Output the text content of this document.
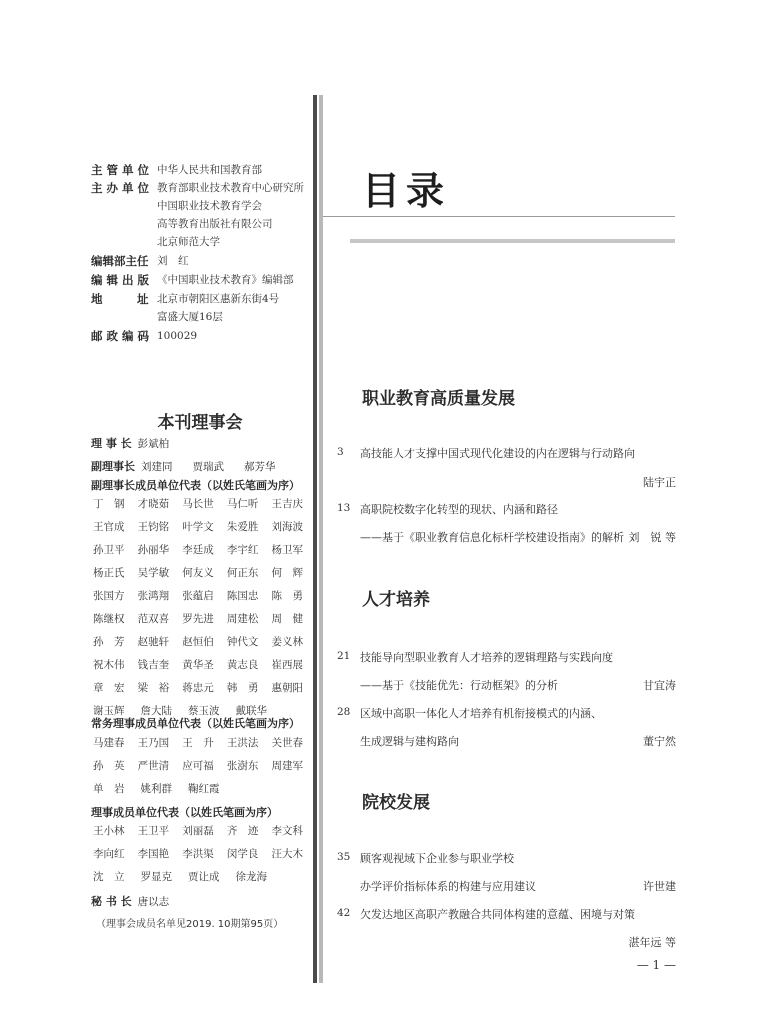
主 管 单 位 中华人民共和国教育部
主 办 单 位 教育部职业技术教育中心研究所
中国职业技术教育学会
高等教育出版社有限公司
北京师范大学
编辑部主任 刘　红
编 辑 出 版 《中国职业技术教育》编辑部
地　　　址 北京市朝阳区惠新东街4号
富盛大厦16层
邮 政 编 码 100029
本刊理事会
理 事 长 彭斌柏
副理事长 刘建同 贾瑞武 郝芳华
副理事长成员单位代表（以姓氏笔画为序）
丁　钢 才晓茹 马长世 马仁听 王吉庆
王官成 王钧铭 叶学文 朱爱胜 刘海波
孙卫平 孙丽华 李廷成 李宇红 杨卫军
杨正氏 吴学敏 何友义 何正东 何　辉
张国方 张鸿翔 张蕴启 陈国忠 陈　勇
陈继权 范双喜 罗先进 周建松 周　健
孙　芳 赵驰轩 赵恒伯 钟代文 姜义林
祝木伟 钱吉奎 黄华圣 黄志良 崔西展
章　宏 梁　裕 蒋忠元 韩　勇 惠朝阳
谢玉辉 詹大陆 蔡玉波 戴联华
常务理事成员单位代表（以姓氏笔画为序）
马建春 王乃国 王　升 王洪法 关世春
孙　英 严世清 应可福 张澍东 周建军
单　岩 姚利群 鞠红霞
理事成员单位代表（以姓氏笔画为序）
王小林 王卫平 刘丽磊 齐　迹 李文科
李向红 李国艳 李洪渠 闵学良 汪大木
沈　立 罗显克 贾让成 徐龙海
秘 书 长 唐以志
（理事会成员名单见2019. 10期第95页）
目录
职业教育高质量发展
3 高技能人才支撑中国式现代化建设的内在逻辑与行动路向
陆宇正
13 高职院校数字化转型的现状、内涵和路径
——基于《职业教育信息化标杆学校建设指南》的解析 刘　锐 等
人才培养
21 技能导向型职业教育人才培养的逻辑理路与实践向度
——基于《技能优先：行动框架》的分析	甘宜涛
28 区域中高职一体化人才培养有机衔接模式的内涵、
生成逻辑与建构路向	董宁然
院校发展
35 顾客观视域下企业参与职业学校
办学评价指标体系的构建与应用建议	许世建
42 欠发达地区高职产教融合共同体构建的意蕴、困境与对策
湛年远 等
— 1 —
